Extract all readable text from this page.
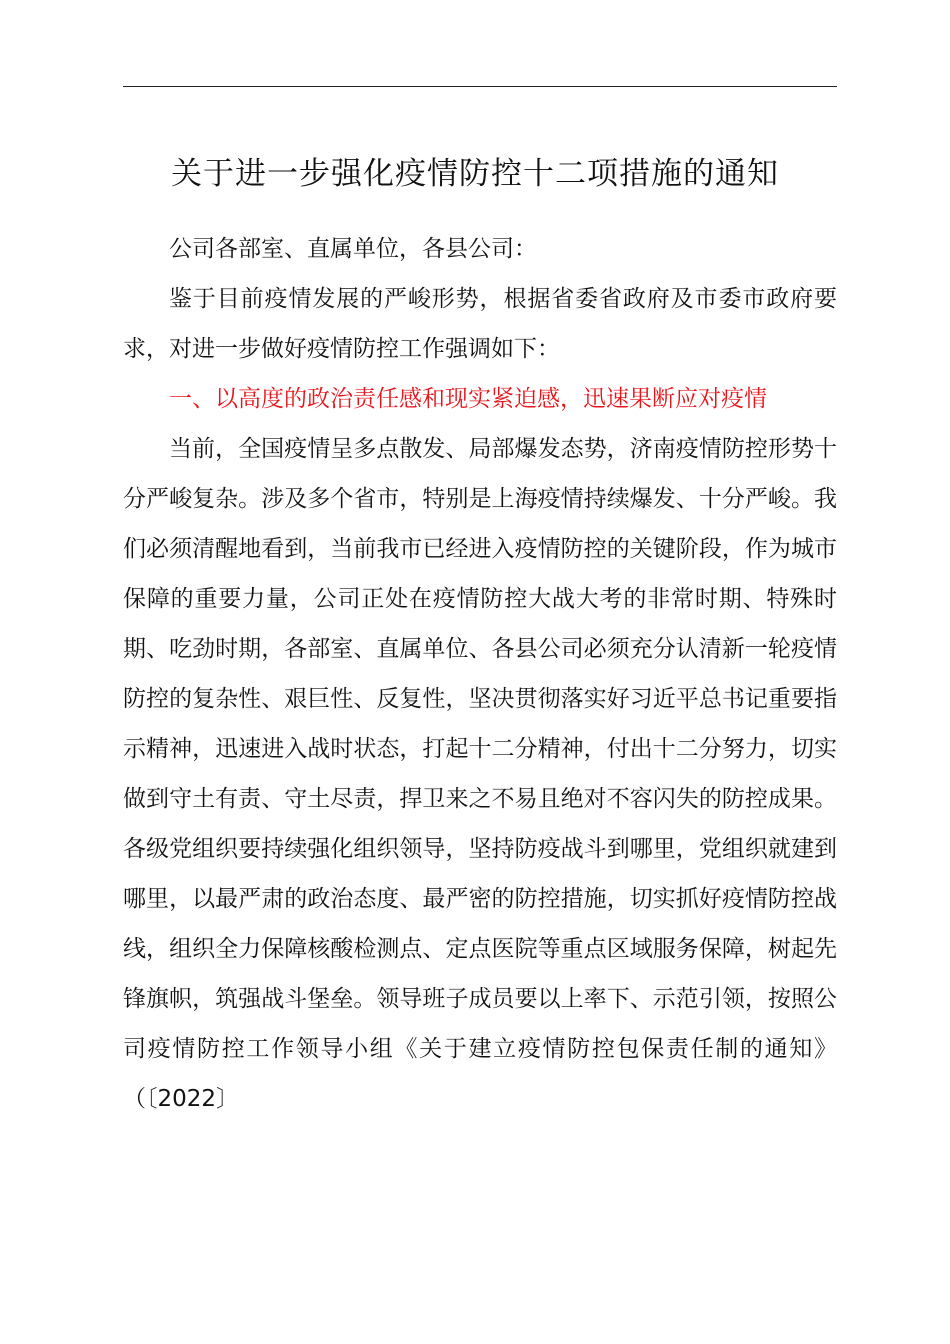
关于进一步强化疫情防控十二项措施的通知

公司各部室、直属单位，各县公司：

鉴于目前疫情发展的严峻形势，根据省委省政府及市委市政府要求，对进一步做好疫情防控工作强调如下：

一、以高度的政治责任感和现实紧迫感，迅速果断应对疫情

当前，全国疫情呈多点散发、局部爆发态势，济南疫情防控形势十分严峻复杂。涉及多个省市，特别是上海疫情持续爆发、十分严峻。我们必须清醒地看到，当前我市已经进入疫情防控的关键阶段，作为城市保障的重要力量，公司正处在疫情防控大战大考的非常时期、特殊时期、吃劲时期，各部室、直属单位、各县公司必须充分认清新一轮疫情防控的复杂性、艰巨性、反复性，坚决贯彻落实好习近平总书记重要指示精神，迅速进入战时状态，打起十二分精神，付出十二分努力，切实做到守土有责、守土尽责，捍卫来之不易且绝对不容闪失的防控成果。各级党组织要持续强化组织领导，坚持防疫战斗到哪里，党组织就建到哪里，以最严肃的政治态度、最严密的防控措施，切实抓好疫情防控战线，组织全力保障核酸检测点、定点医院等重点区域服务保障，树起先锋旗帜，筑强战斗堡垒。领导班子成员要以上率下、示范引领，按照公司疫情防控工作领导小组《关于建立疫情防控包保责任制的通知》（〔2022〕
